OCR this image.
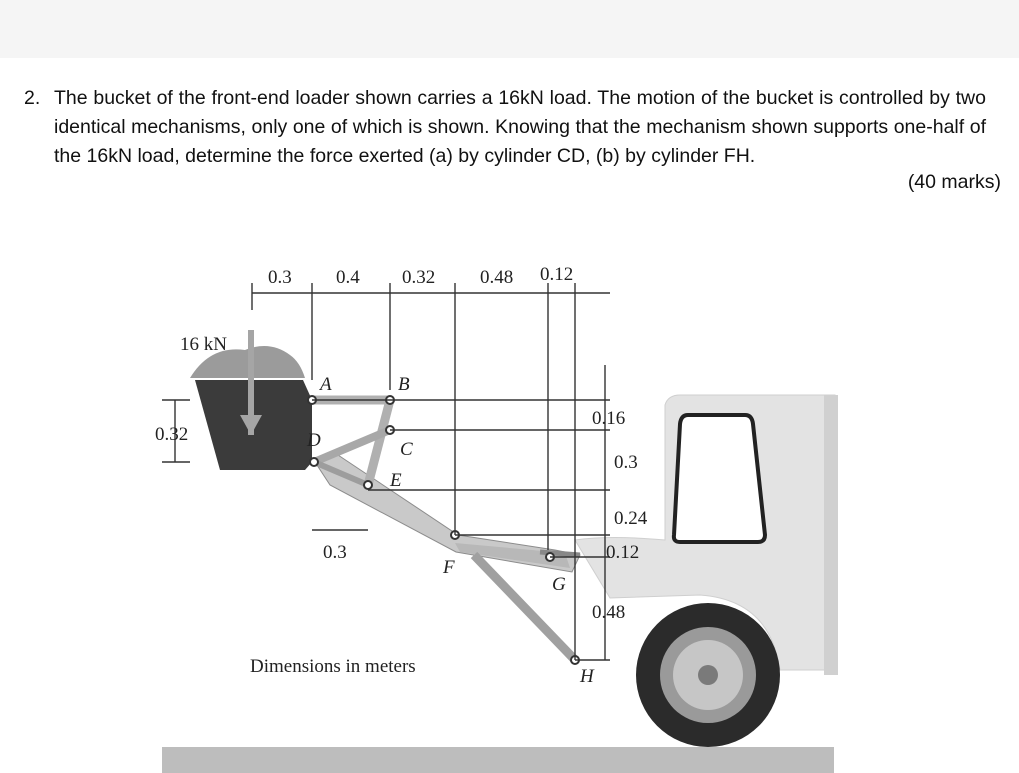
2. The bucket of the front-end loader shown carries a 16kN load. The motion of the bucket is controlled by two identical mechanisms, only one of which is shown. Knowing that the mechanism shown supports one-half of the 16kN load, determine the force exerted (a) by cylinder CD, (b) by cylinder FH.
(40 marks)
0.3 0.4 0.32 0.48 0.12
16 kN
0.32
0.3
0.16
0.3
0.24
0.12
0.48
A	B
C
D
E
F
G
H
Dimensions in meters
